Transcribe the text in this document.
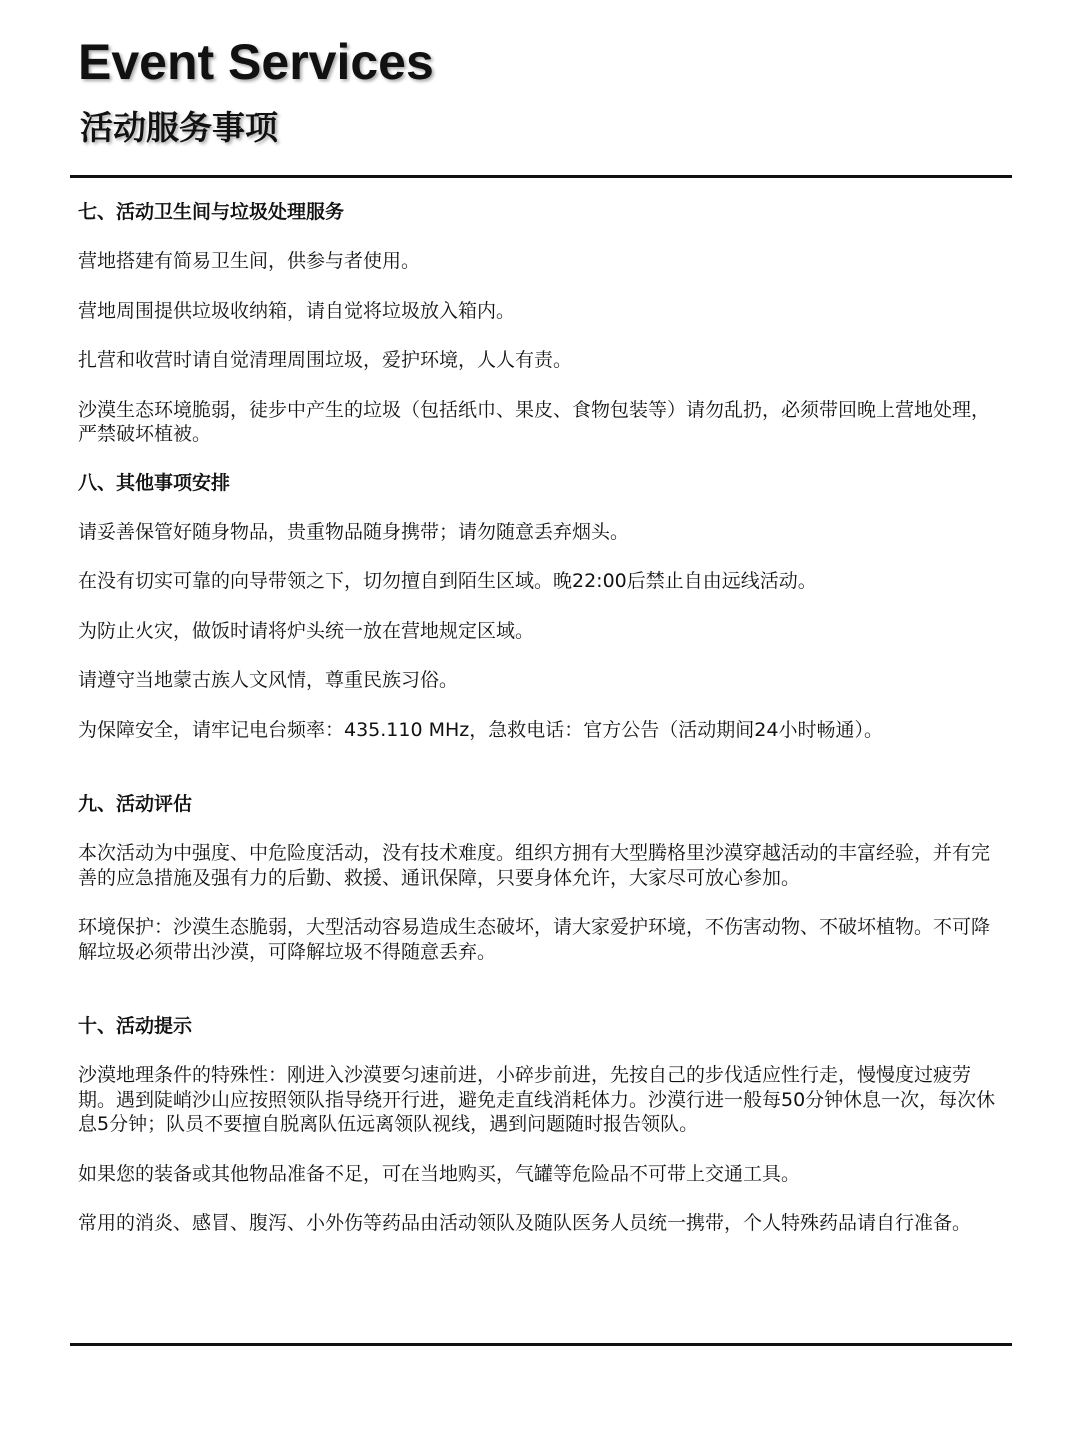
Event Services
活动服务事项

七、活动卫生间与垃圾处理服务

营地搭建有简易卫生间，供参与者使用。

营地周围提供垃圾收纳箱，请自觉将垃圾放入箱内。

扎营和收营时请自觉清理周围垃圾，爱护环境，人人有责。

沙漠生态环境脆弱，徒步中产生的垃圾（包括纸巾、果皮、食物包装等）请勿乱扔，必须带回晚上营地处理，严禁破坏植被。

八、其他事项安排

请妥善保管好随身物品，贵重物品随身携带；请勿随意丢弃烟头。

在没有切实可靠的向导带领之下，切勿擅自到陌生区域。晚22:00后禁止自由远线活动。

为防止火灾，做饭时请将炉头统一放在营地规定区域。

请遵守当地蒙古族人文风情，尊重民族习俗。

为保障安全，请牢记电台频率：435.110 MHz，急救电话：官方公告（活动期间24小时畅通）。

九、活动评估

本次活动为中强度、中危险度活动，没有技术难度。组织方拥有大型腾格里沙漠穿越活动的丰富经验，并有完善的应急措施及强有力的后勤、救援、通讯保障，只要身体允许，大家尽可放心参加。

环境保护：沙漠生态脆弱，大型活动容易造成生态破坏，请大家爱护环境，不伤害动物、不破坏植物。不可降解垃圾必须带出沙漠，可降解垃圾不得随意丢弃。

十、活动提示

沙漠地理条件的特殊性：刚进入沙漠要匀速前进，小碎步前进，先按自己的步伐适应性行走，慢慢度过疲劳期。遇到陡峭沙山应按照领队指导绕开行进，避免走直线消耗体力。沙漠行进一般每50分钟休息一次，每次休息5分钟；队员不要擅自脱离队伍远离领队视线，遇到问题随时报告领队。

如果您的装备或其他物品准备不足，可在当地购买，气罐等危险品不可带上交通工具。

常用的消炎、感冒、腹泻、小外伤等药品由活动领队及随队医务人员统一携带，个人特殊药品请自行准备。
